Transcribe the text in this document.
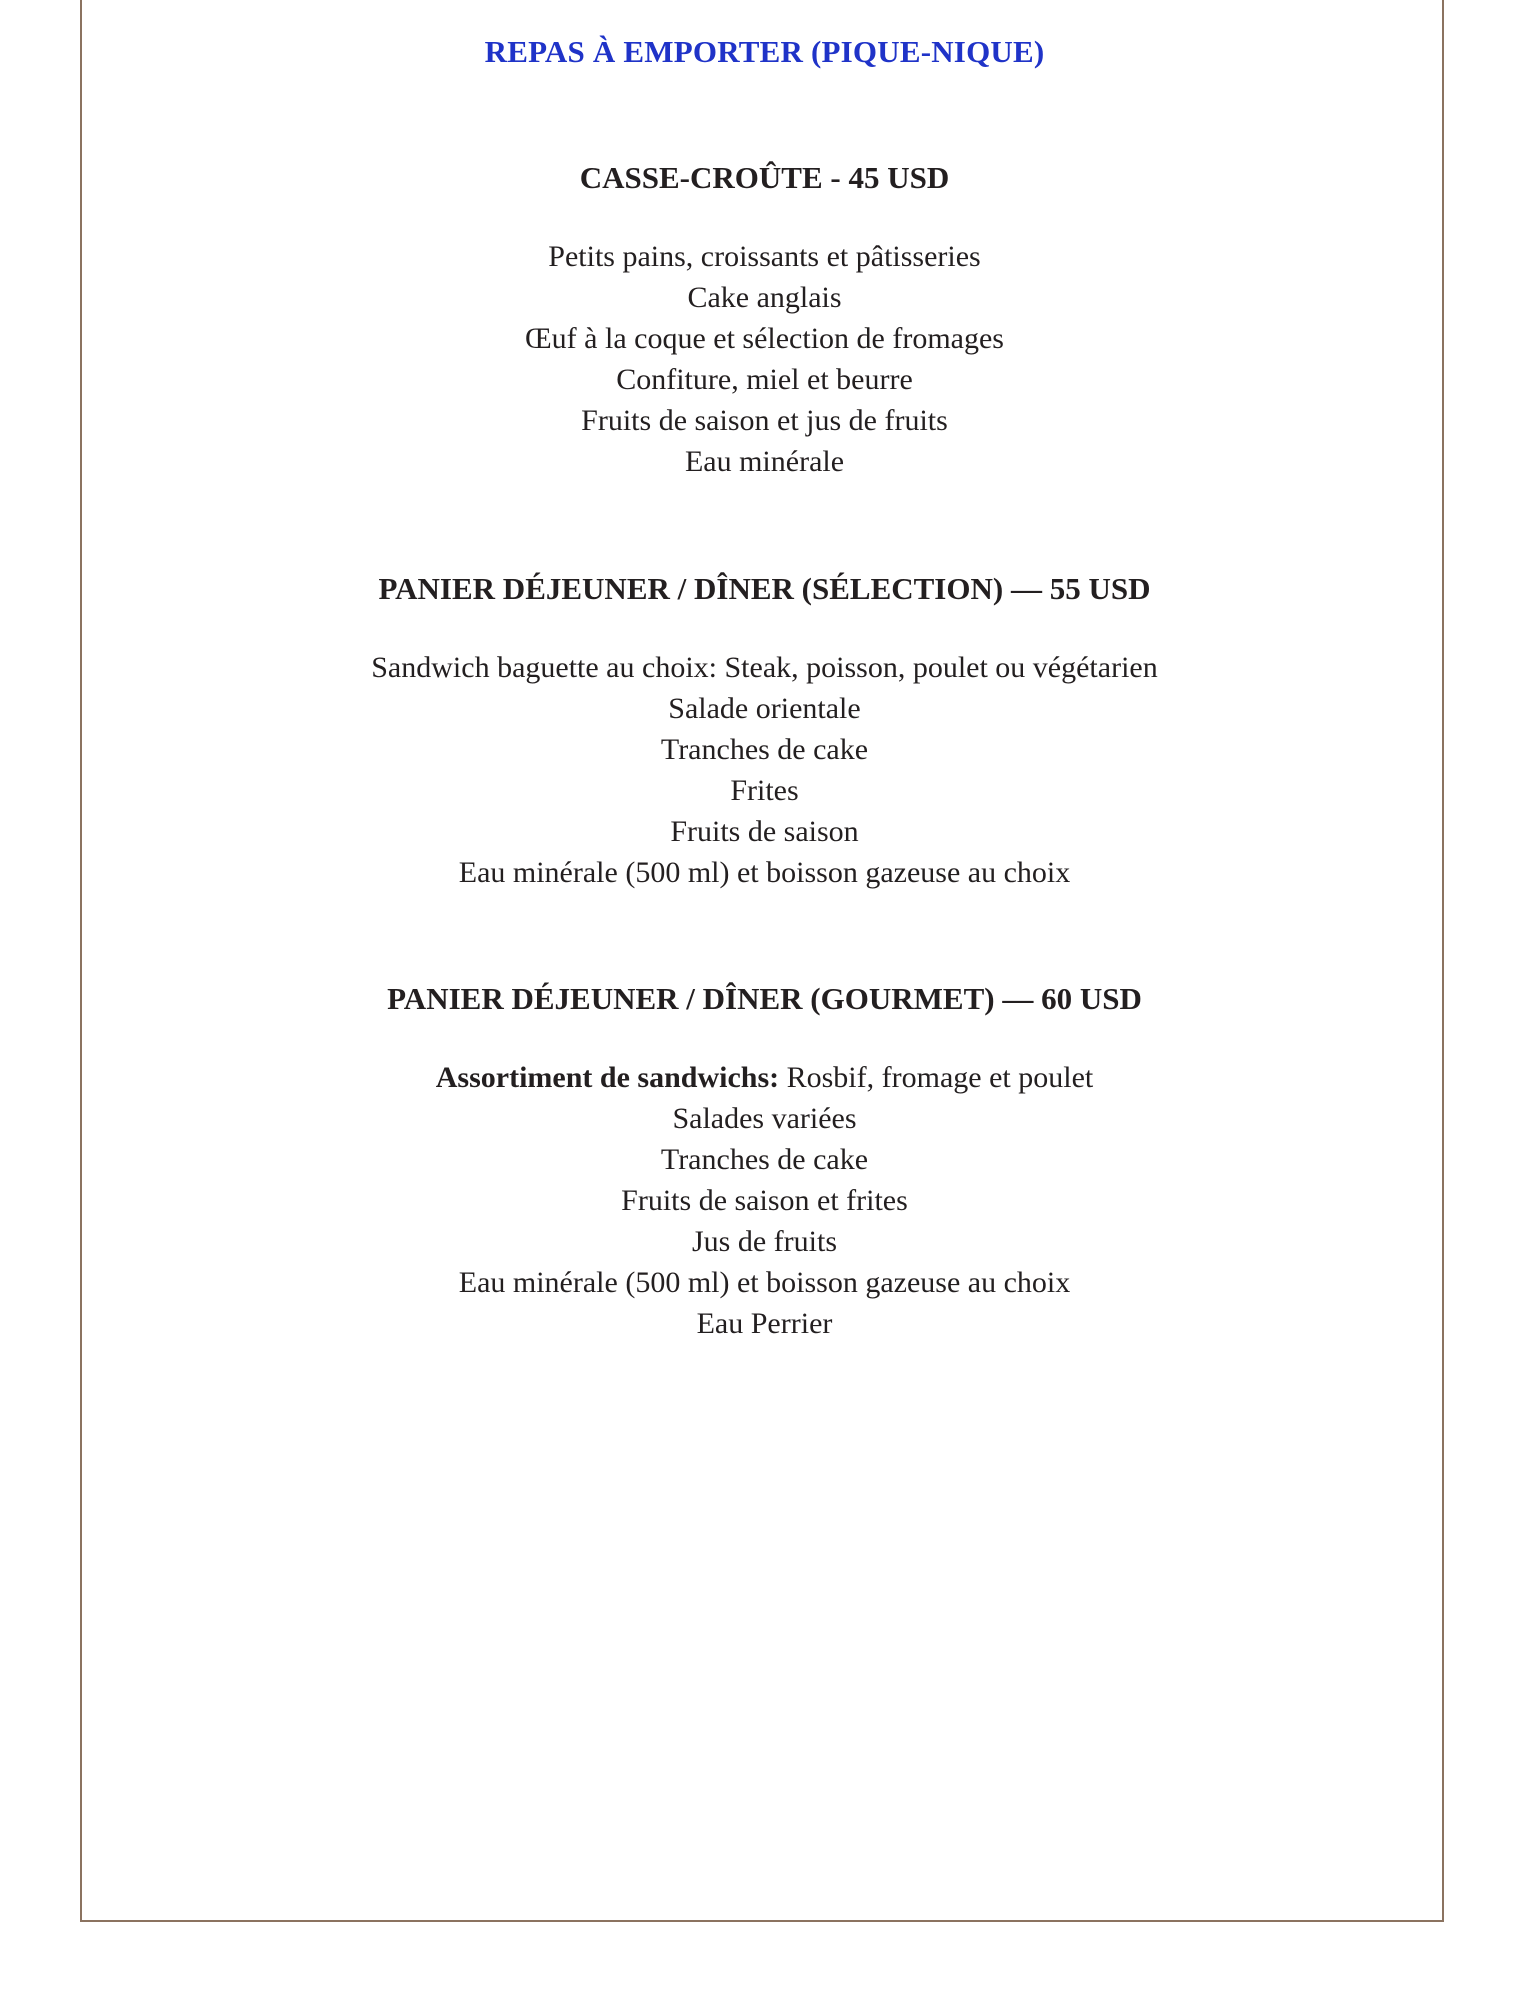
REPAS À EMPORTER (PIQUE-NIQUE)

CASSE-CROÛTE - 45 USD

Petits pains, croissants et pâtisseries

Cake anglais

Œuf à la coque et sélection de fromages

Confiture, miel et beurre

Fruits de saison et jus de fruits

Eau minérale

PANIER DÉJEUNER / DÎNER (SÉLECTION) — 55 USD

Sandwich baguette au choix: Steak, poisson, poulet ou végétarien

Salade orientale

Tranches de cake

Frites

Fruits de saison

Eau minérale (500 ml) et boisson gazeuse au choix

PANIER DÉJEUNER / DÎNER (GOURMET) — 60 USD

Assortiment de sandwichs: Rosbif, fromage et poulet

Salades variées

Tranches de cake

Fruits de saison et frites

Jus de fruits

Eau minérale (500 ml) et boisson gazeuse au choix

Eau Perrier
